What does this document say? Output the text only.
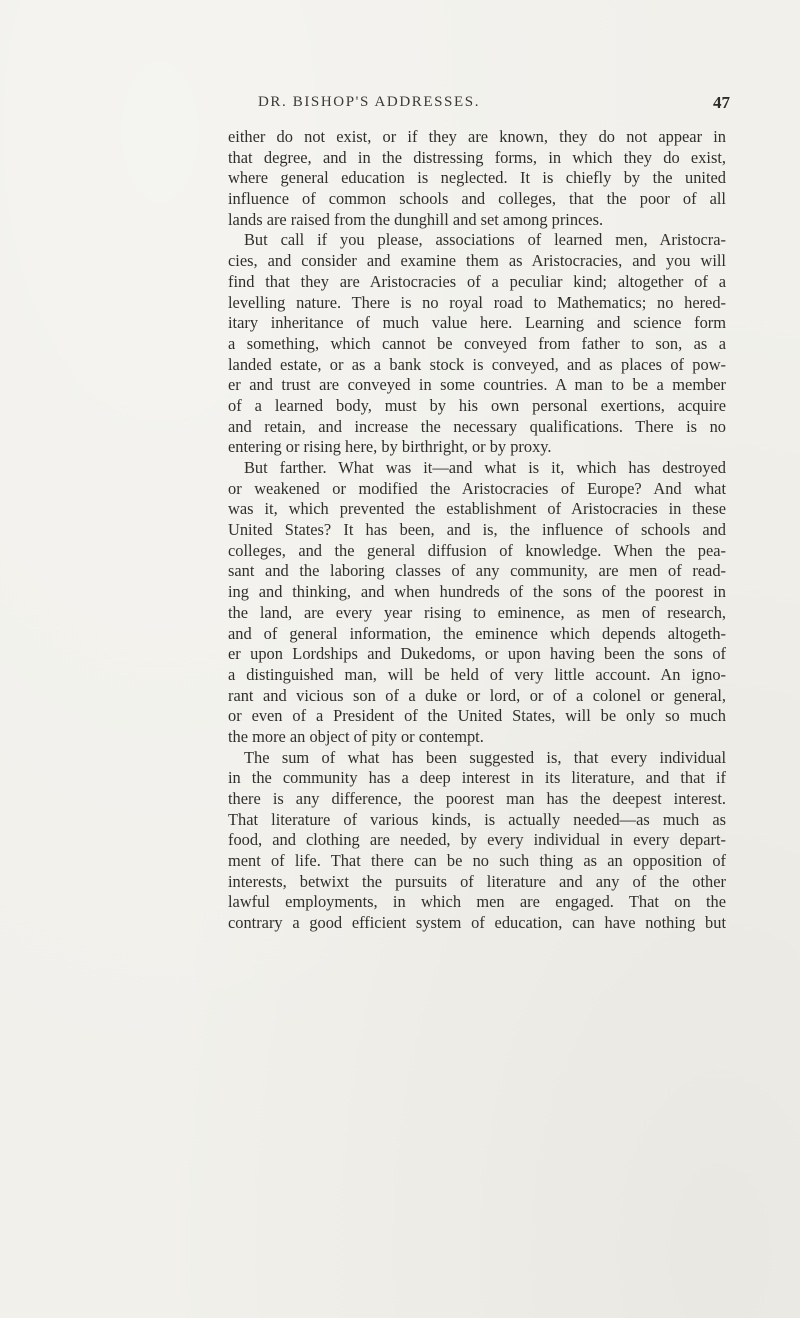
DR. BISHOP'S ADDRESSES.	47
either do not exist, or if they are known, they do not appear in
that degree, and in the distressing forms, in which they do exist,
where general education is neglected. It is chiefly by the united
influence of common schools and colleges, that the poor of all
lands are raised from the dunghill and set among princes.
But call if you please, associations of learned men, Aristocra-
cies, and consider and examine them as Aristocracies, and you will
find that they are Aristocracies of a peculiar kind; altogether of a
levelling nature. There is no royal road to Mathematics; no hered-
itary inheritance of much value here. Learning and science form
a something, which cannot be conveyed from father to son, as a
landed estate, or as a bank stock is conveyed, and as places of pow-
er and trust are conveyed in some countries. A man to be a member
of a learned body, must by his own personal exertions, acquire
and retain, and increase the necessary qualifications. There is no
entering or rising here, by birthright, or by proxy.
But farther. What was it—and what is it, which has destroyed
or weakened or modified the Aristocracies of Europe? And what
was it, which prevented the establishment of Aristocracies in these
United States? It has been, and is, the influence of schools and
colleges, and the general diffusion of knowledge. When the pea-
sant and the laboring classes of any community, are men of read-
ing and thinking, and when hundreds of the sons of the poorest in
the land, are every year rising to eminence, as men of research,
and of general information, the eminence which depends altogeth-
er upon Lordships and Dukedoms, or upon having been the sons of
a distinguished man, will be held of very little account. An igno-
rant and vicious son of a duke or lord, or of a colonel or general,
or even of a President of the United States, will be only so much
the more an object of pity or contempt.
The sum of what has been suggested is, that every individual
in the community has a deep interest in its literature, and that if
there is any difference, the poorest man has the deepest interest.
That literature of various kinds, is actually needed—as much as
food, and clothing are needed, by every individual in every depart-
ment of life. That there can be no such thing as an opposition of
interests, betwixt the pursuits of literature and any of the other
lawful employments, in which men are engaged. That on the
contrary a good efficient system of education, can have nothing but
